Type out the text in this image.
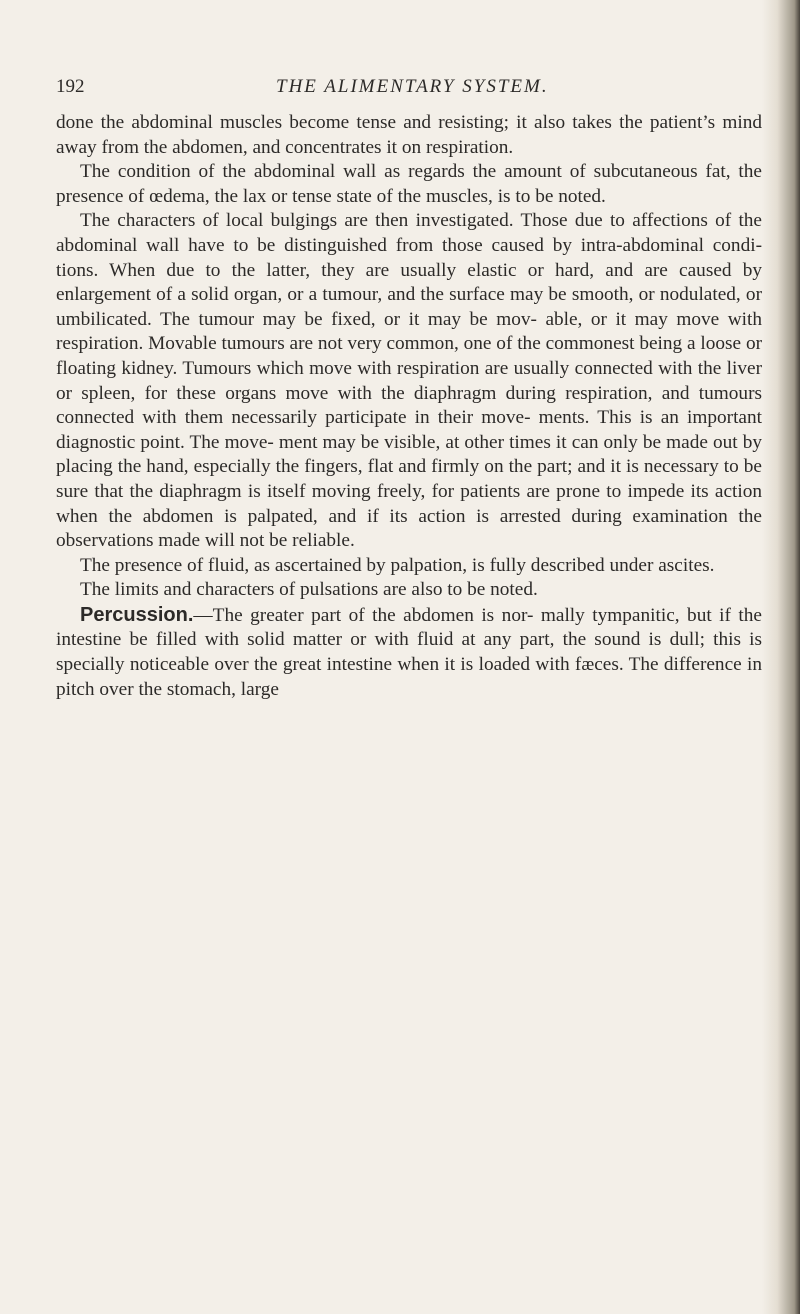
192	THE ALIMENTARY SYSTEM.

done the abdominal muscles become tense and resisting; it also takes the patient’s mind away from the abdomen, and concentrates it on respiration.

The condition of the abdominal wall as regards the amount of subcutaneous fat, the presence of œdema, the lax or tense state of the muscles, is to be noted.

The characters of local bulgings are then investigated. Those due to affections of the abdominal wall have to be distinguished from those caused by intra-abdominal condi- tions. When due to the latter, they are usually elastic or hard, and are caused by enlargement of a solid organ, or a tumour, and the surface may be smooth, or nodulated, or umbilicated. The tumour may be fixed, or it may be mov- able, or it may move with respiration. Movable tumours are not very common, one of the commonest being a loose or floating kidney. Tumours which move with respiration are usually connected with the liver or spleen, for these organs move with the diaphragm during respiration, and tumours connected with them necessarily participate in their move- ments. This is an important diagnostic point. The move- ment may be visible, at other times it can only be made out by placing the hand, especially the fingers, flat and firmly on the part; and it is necessary to be sure that the diaphragm is itself moving freely, for patients are prone to impede its action when the abdomen is palpated, and if its action is arrested during examination the observations made will not be reliable.

The presence of fluid, as ascertained by palpation, is fully described under ascites.

The limits and characters of pulsations are also to be noted.

Percussion.—The greater part of the abdomen is nor- mally tympanitic, but if the intestine be filled with solid matter or with fluid at any part, the sound is dull; this is specially noticeable over the great intestine when it is loaded with fæces. The difference in pitch over the stomach, large
